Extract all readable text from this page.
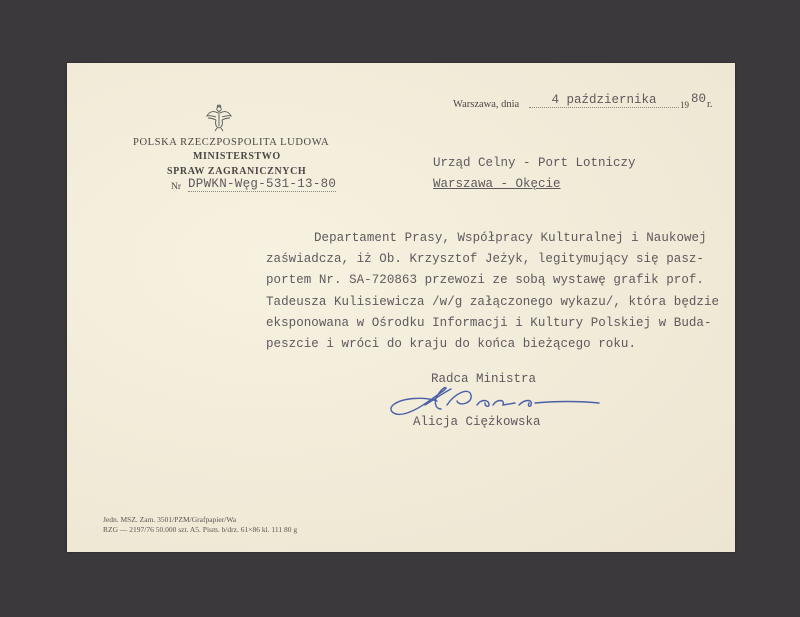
POLSKA RZECZPOSPOLITA LUDOWA
MINISTERSTWO
SPRAW ZAGRANICZNYCH
Nr DPWKN-Węg-531-13-80
Warszawa, dnia	4 października	19 80 r.
Urząd Celny - Port Lotniczy
Warszawa - Okęcie
Departament Prasy, Współpracy Kulturalnej i Naukowej
zaświadcza, iż Ob. Krzysztof Jeżyk, legitymujący się pasz-
portem Nr. SA-720863 przewozi ze sobą wystawę grafik prof.
Tadeusza Kulisiewicza /w/g załączonego wykazu/, która będzie
eksponowana w Ośrodku Informacji i Kultury Polskiej w Buda-
peszcie i wróci do kraju do końca bieżącego roku.
Radca Ministra
Alicja Ciężkowska
Jedn. MSZ. Zam. 3501/PZM/Grafpapier/Wa
RZG — 2197/76 50.000 szt. A5. Pism. b/drz. 61×86 kl. 111 80 g
